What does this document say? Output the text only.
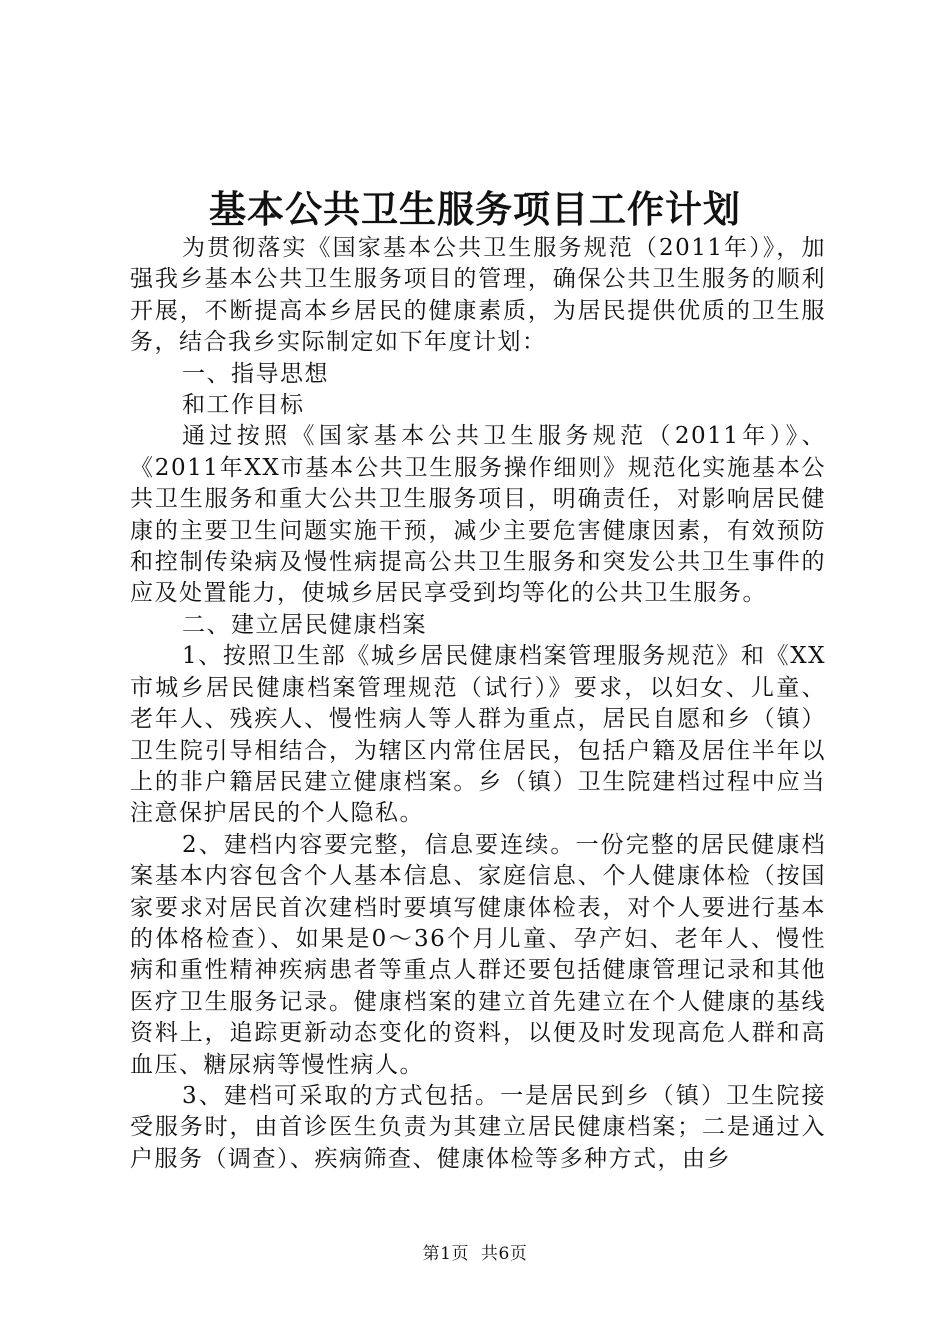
基本公共卫生服务项目工作计划

为贯彻落实《国家基本公共卫生服务规范（2011年）》，加强我乡基本公共卫生服务项目的管理，确保公共卫生服务的顺利开展，不断提高本乡居民的健康素质，为居民提供优质的卫生服务，结合我乡实际制定如下年度计划：

一、指导思想

和工作目标

通过按照《国家基本公共卫生服务规范（2011年）》、《2011年XX市基本公共卫生服务操作细则》规范化实施基本公共卫生服务和重大公共卫生服务项目，明确责任，对影响居民健康的主要卫生问题实施干预，减少主要危害健康因素，有效预防和控制传染病及慢性病提高公共卫生服务和突发公共卫生事件的应及处置能力，使城乡居民享受到均等化的公共卫生服务。

二、建立居民健康档案

1、按照卫生部《城乡居民健康档案管理服务规范》和《XX市城乡居民健康档案管理规范（试行）》要求，以妇女、儿童、老年人、残疾人、慢性病人等人群为重点，居民自愿和乡（镇）卫生院引导相结合，为辖区内常住居民，包括户籍及居住半年以上的非户籍居民建立健康档案。乡（镇）卫生院建档过程中应当注意保护居民的个人隐私。

2、建档内容要完整，信息要连续。一份完整的居民健康档案基本内容包含个人基本信息、家庭信息、个人健康体检（按国家要求对居民首次建档时要填写健康体检表，对个人要进行基本的体格检查）、如果是0～36个月儿童、孕产妇、老年人、慢性病和重性精神疾病患者等重点人群还要包括健康管理记录和其他医疗卫生服务记录。健康档案的建立首先建立在个人健康的基线资料上，追踪更新动态变化的资料，以便及时发现高危人群和高血压、糖尿病等慢性病人。

3、建档可采取的方式包括。一是居民到乡（镇）卫生院接受服务时，由首诊医生负责为其建立居民健康档案；二是通过入户服务（调查）、疾病筛查、健康体检等多种方式，由乡

第1页 共6页
